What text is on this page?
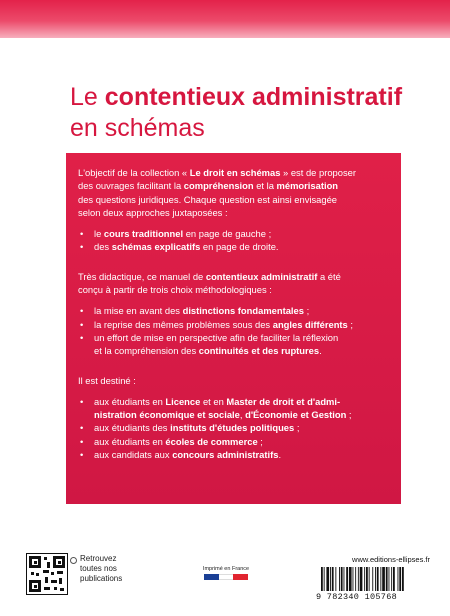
Le contentieux administratif
en schémas

L'objectif de la collection « Le droit en schémas » est de proposer

des ouvrages facilitant la compréhension et la mémorisation

des questions juridiques. Chaque question est ainsi envisagée

selon deux approches juxtaposées :

• le cours traditionnel en page de gauche ;
• des schémas explicatifs en page de droite.

Très didactique, ce manuel de contentieux administratif a été

conçu à partir de trois choix méthodologiques :

• la mise en avant des distinctions fondamentales ;
• la reprise des mêmes problèmes sous des angles différents ;
• un effort de mise en perspective afin de faciliter la réflexion
et la compréhension des continuités et des ruptures.

Il est destiné :

• aux étudiants en Licence et en Master de droit et d'admi-
nistration économique et sociale, d'Économie et Gestion ;
• aux étudiants des instituts d'études politiques ;
• aux étudiants en écoles de commerce ;
• aux candidats aux concours administratifs.
Retrouvez
toutes nos
publications
Imprimé en France
www.editions-ellipses.fr
9 782340 105768
